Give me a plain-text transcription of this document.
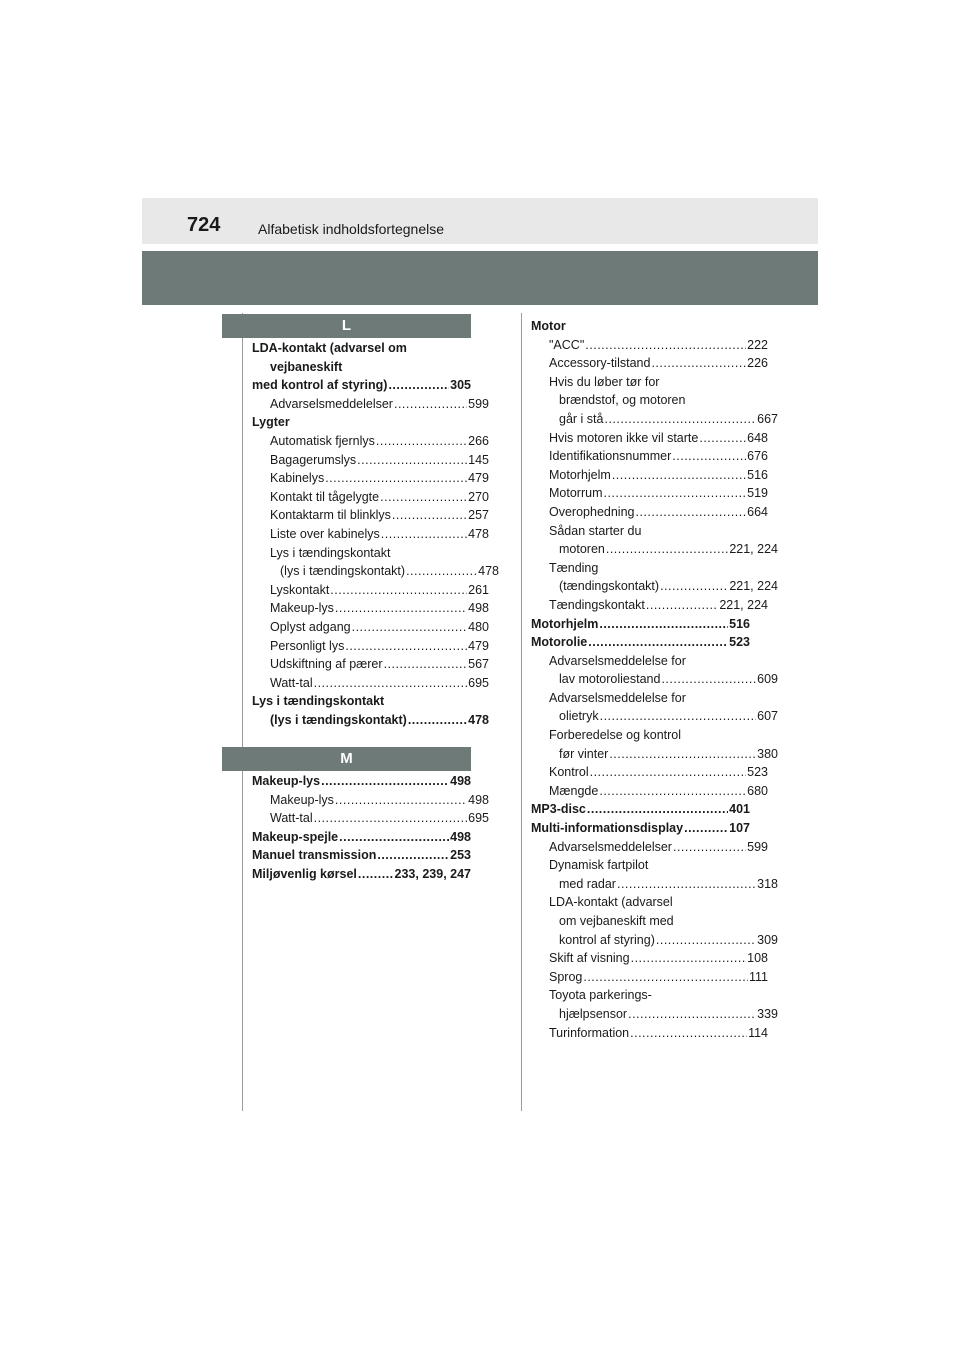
724	Alfabetisk indholdsfortegnelse
L
LDA-kontakt (advarsel om
vejbaneskift
med kontrol af styring) .....	305
Advarselsmeddelelser .....	599
Lygter
Automatisk fjernlys .....	266
Bagagerumslys .....	145
Kabinelys .....	479
Kontakt til tågelygte .....	270
Kontaktarm til blinklys .....	257
Liste over kabinelys .....	478
Lys i tændingskontakt
(lys i tændingskontakt) .....	478
Lyskontakt .....	261
Makeup-lys .....	498
Oplyst adgang .....	480
Personligt lys .....	479
Udskiftning af pærer .....	567
Watt-tal .....	695
Lys i tændingskontakt
(lys i tændingskontakt) .....	478
M
Makeup-lys .....	498
Makeup-lys .....	498
Watt-tal .....	695
Makeup-spejle .....	498
Manuel transmission .....	253
Miljøvenlig kørsel .....	233, 239, 247
Motor
"ACC" .....	222
Accessory-tilstand .....	226
Hvis du løber tør for
brændstof, og motoren
går i stå .....	667
Hvis motoren ikke vil starte .....	648
Identifikationsnummer .....	676
Motorhjelm .....	516
Motorrum .....	519
Overophedning .....	664
Sådan starter du
motoren .....	221, 224
Tænding
(tændingskontakt) .....	221, 224
Tændingskontakt .....	221, 224
Motorhjelm .....	516
Motorolie .....	523
Advarselsmeddelelse for
lav motoroliestand .....	609
Advarselsmeddelelse for
olietryk .....	607
Forberedelse og kontrol
før vinter .....	380
Kontrol .....	523
Mængde .....	680
MP3-disc .....	401
Multi-informationsdisplay .....	107
Advarselsmeddelelser .....	599
Dynamisk fartpilot
med radar .....	318
LDA-kontakt (advarsel
om vejbaneskift med
kontrol af styring) .....	309
Skift af visning .....	108
Sprog .....	111
Toyota parkerings-
hjælpsensor .....	339
Turinformation .....	114
